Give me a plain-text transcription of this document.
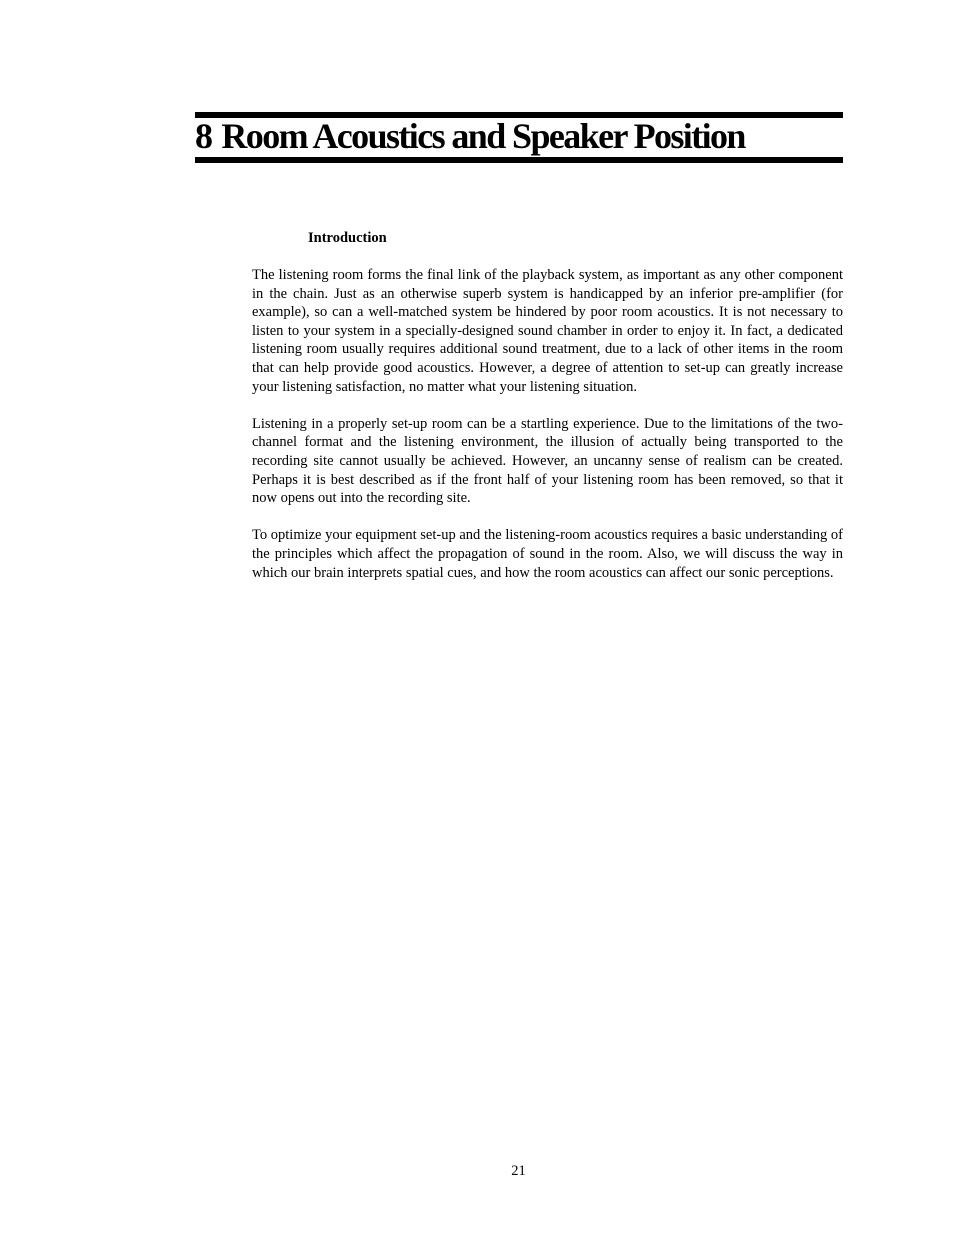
8 Room Acoustics and Speaker Position
Introduction

The listening room forms the final link of the playback system, as important as any other component in the chain. Just as an otherwise superb system is handicapped by an inferior pre-amplifier (for example), so can a well-matched system be hindered by poor room acoustics. It is not necessary to listen to your system in a specially-designed sound chamber in order to enjoy it. In fact, a dedicated listening room usually requires additional sound treatment, due to a lack of other items in the room that can help provide good acoustics. However, a degree of attention to set-up can greatly increase your listening satisfaction, no matter what your listening situation.

Listening in a properly set-up room can be a startling experience. Due to the limitations of the two-channel format and the listening environment, the illusion of actually being transported to the recording site cannot usually be achieved. However, an uncanny sense of realism can be created. Perhaps it is best described as if the front half of your listening room has been removed, so that it now opens out into the recording site.

To optimize your equipment set-up and the listening-room acoustics requires a basic understanding of the principles which affect the propagation of sound in the room. Also, we will discuss the way in which our brain interprets spatial cues, and how the room acoustics can affect our sonic perceptions.

21
